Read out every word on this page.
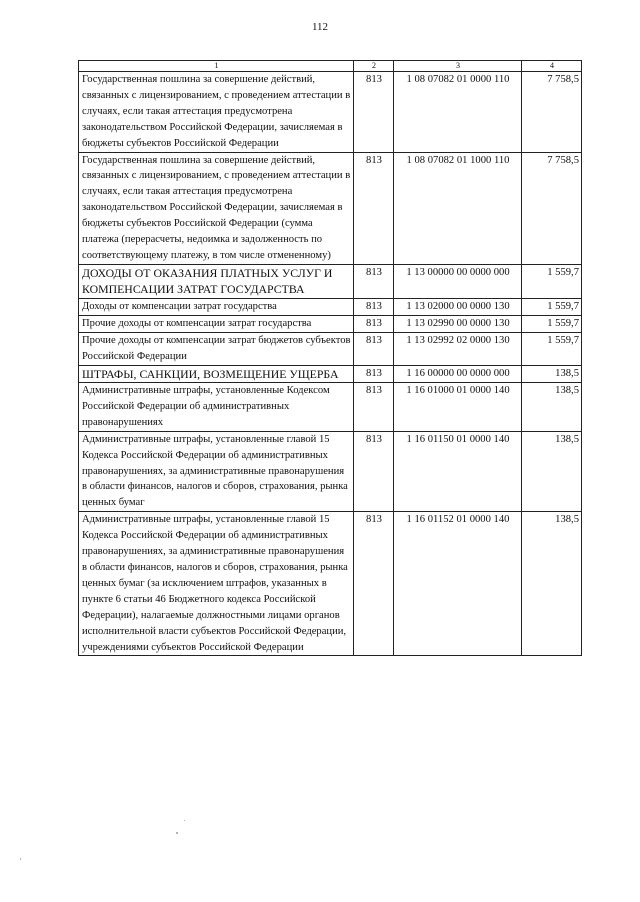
112
1	2	3	4
Государственная пошлина за совершение действий, связанных с лицензированием, с проведением аттестации в случаях, если такая аттестация предусмотрена законодательством Российской Федерации, зачисляемая в бюджеты субъектов Российской Федерации	813	1 08 07082 01 0000 110	7 758,5
Государственная пошлина за совершение действий, связанных с лицензированием, с проведением аттестации в случаях, если такая аттестация предусмотрена законодательством Российской Федерации, зачисляемая в бюджеты субъектов Российской Федерации (сумма платежа (перерасчеты, недоимка и задолженность по соответствующему платежу, в том числе отмененному)	813	1 08 07082 01 1000 110	7 758,5
ДОХОДЫ ОТ ОКАЗАНИЯ ПЛАТНЫХ УСЛУГ И КОМПЕНСАЦИИ ЗАТРАТ ГОСУДАРСТВА	813	1 13 00000 00 0000 000	1 559,7
Доходы от компенсации затрат государства	813	1 13 02000 00 0000 130	1 559,7
Прочие доходы от компенсации затрат государства	813	1 13 02990 00 0000 130	1 559,7
Прочие доходы от компенсации затрат бюджетов субъектов Российской Федерации	813	1 13 02992 02 0000 130	1 559,7
ШТРАФЫ, САНКЦИИ, ВОЗМЕЩЕНИЕ УЩЕРБА	813	1 16 00000 00 0000 000	138,5
Административные штрафы, установленные Кодексом Российской Федерации об административных правонарушениях	813	1 16 01000 01 0000 140	138,5
Административные штрафы, установленные главой 15 Кодекса Российской Федерации об административных правонарушениях, за административные правонарушения в области финансов, налогов и сборов, страхования, рынка ценных бумаг	813	1 16 01150 01 0000 140	138,5
Административные штрафы, установленные главой 15 Кодекса Российской Федерации об административных правонарушениях, за административные правонарушения в области финансов, налогов и сборов, страхования, рынка ценных бумаг (за исключением штрафов, указанных в пункте 6 статьи 46 Бюджетного кодекса Российской Федерации), налагаемые должностными лицами органов исполнительной власти субъектов Российской Федерации, учреждениями субъектов Российской Федерации	813	1 16 01152 01 0000 140	138,5
